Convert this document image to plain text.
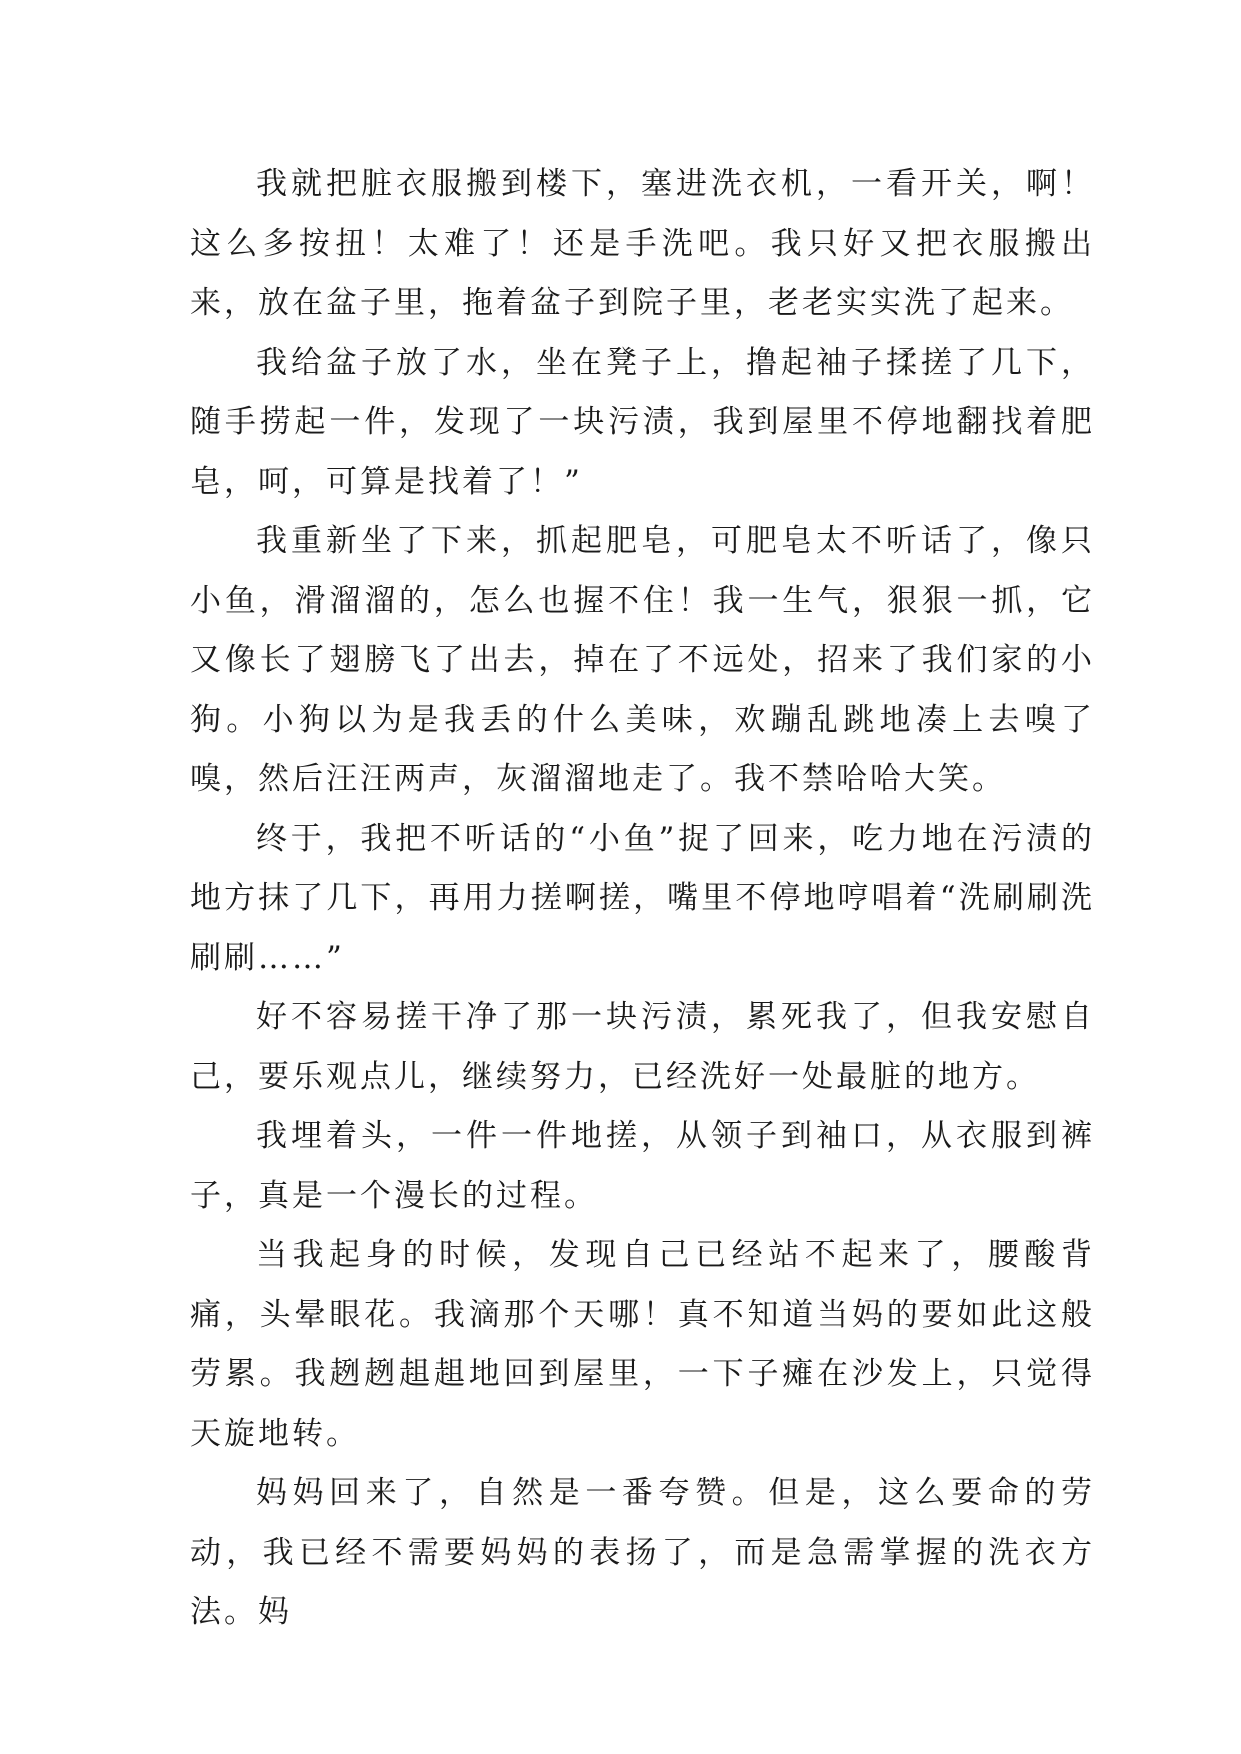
我就把脏衣服搬到楼下，塞进洗衣机，一看开关，啊！这么多按扭！太难了！还是手洗吧。我只好又把衣服搬出来，放在盆子里，拖着盆子到院子里，老老实实洗了起来。

我给盆子放了水，坐在凳子上，撸起袖子揉搓了几下，随手捞起一件，发现了一块污渍，我到屋里不停地翻找着肥皂，呵，可算是找着了！”

我重新坐了下来，抓起肥皂，可肥皂太不听话了，像只小鱼，滑溜溜的，怎么也握不住！我一生气，狠狠一抓，它又像长了翅膀飞了出去，掉在了不远处，招来了我们家的小狗。小狗以为是我丢的什么美味，欢蹦乱跳地凑上去嗅了嗅，然后汪汪两声，灰溜溜地走了。我不禁哈哈大笑。

终于，我把不听话的“小鱼”捉了回来，吃力地在污渍的地方抹了几下，再用力搓啊搓，嘴里不停地哼唱着“洗刷刷洗刷刷……”

好不容易搓干净了那一块污渍，累死我了，但我安慰自己，要乐观点儿，继续努力，已经洗好一处最脏的地方。

我埋着头，一件一件地搓，从领子到袖口，从衣服到裤子，真是一个漫长的过程。

当我起身的时候，发现自己已经站不起来了，腰酸背痛，头晕眼花。我滴那个天哪！真不知道当妈的要如此这般劳累。我趔趔趄趄地回到屋里，一下子瘫在沙发上，只觉得天旋地转。

妈妈回来了，自然是一番夸赞。但是，这么要命的劳动，我已经不需要妈妈的表扬了，而是急需掌握的洗衣方法。妈
